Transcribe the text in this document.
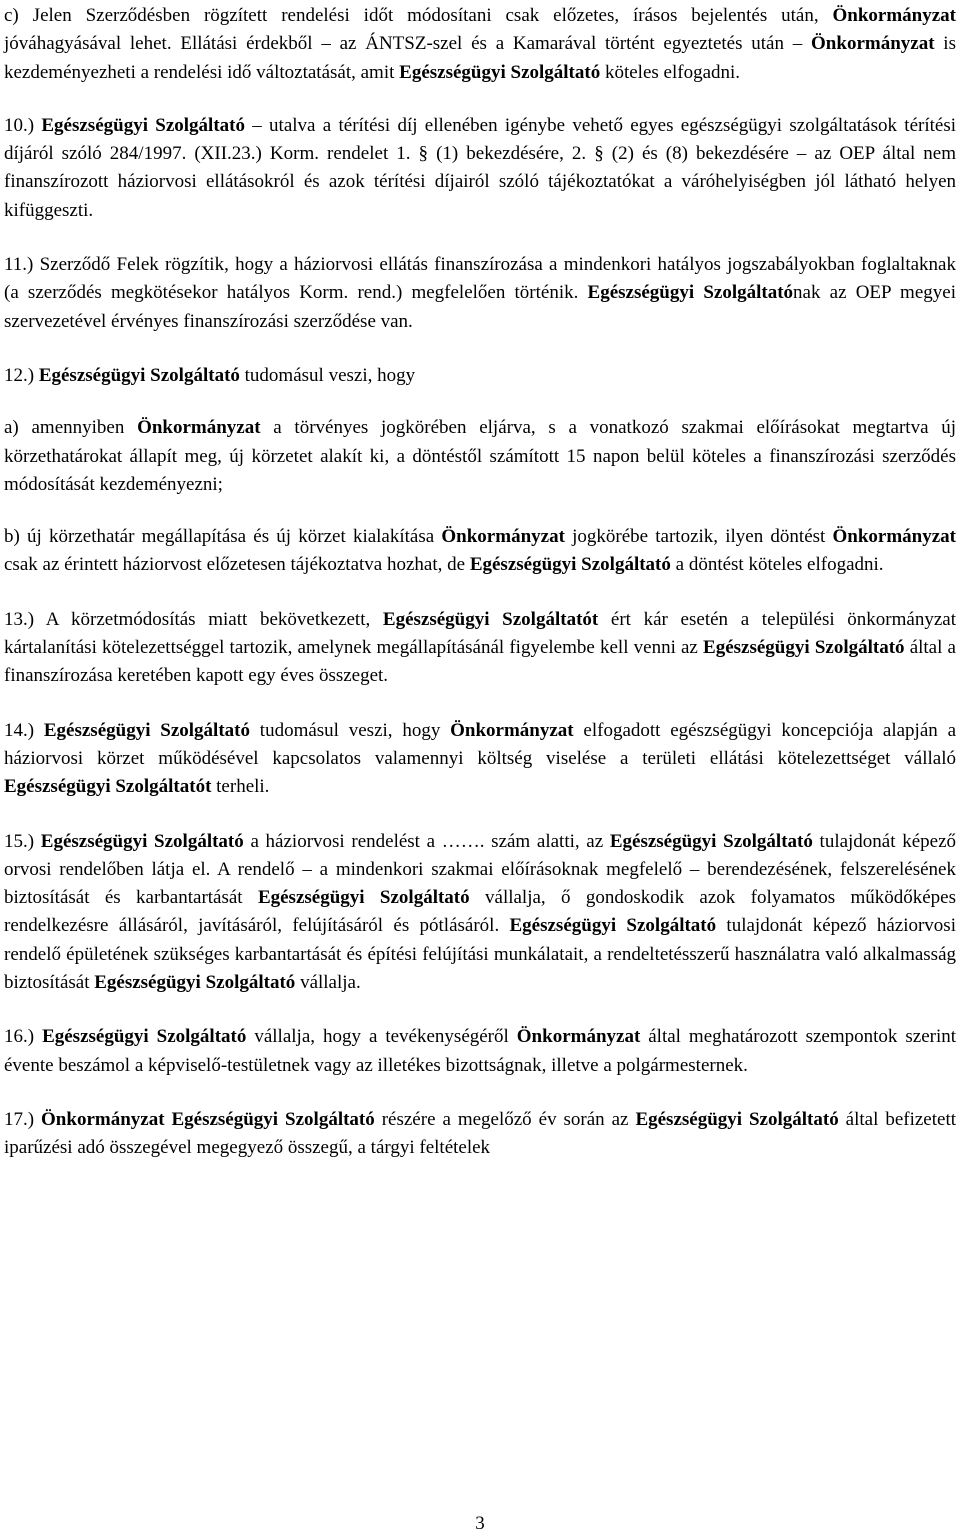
c) Jelen Szerződésben rögzített rendelési időt módosítani csak előzetes, írásos bejelentés után, Önkormányzat jóváhagyásával lehet. Ellátási érdekből – az ÁNTSZ-szel és a Kamarával történt egyeztetés után – Önkormányzat is kezdeményezheti a rendelési idő változtatását, amit Egészségügyi Szolgáltató köteles elfogadni.

10.) Egészségügyi Szolgáltató – utalva a térítési díj ellenében igénybe vehető egyes egészségügyi szolgáltatások térítési díjáról szóló 284/1997. (XII.23.) Korm. rendelet 1. § (1) bekezdésére, 2. § (2) és (8) bekezdésére – az OEP által nem finanszírozott háziorvosi ellátásokról és azok térítési díjairól szóló tájékoztatókat a váróhelyiségben jól látható helyen kifüggeszti.

11.) Szerződő Felek rögzítik, hogy a háziorvosi ellátás finanszírozása a mindenkori hatályos jogszabályokban foglaltaknak (a szerződés megkötésekor hatályos Korm. rend.) megfelelően történik. Egészségügyi Szolgáltatónak az OEP megyei szervezetével érvényes finanszírozási szerződése van.

12.) Egészségügyi Szolgáltató tudomásul veszi, hogy

a) amennyiben Önkormányzat a törvényes jogkörében eljárva, s a vonatkozó szakmai előírásokat megtartva új körzethatárokat állapít meg, új körzetet alakít ki, a döntéstől számított 15 napon belül köteles a finanszírozási szerződés módosítását kezdeményezni;

b) új körzethatár megállapítása és új körzet kialakítása Önkormányzat jogkörébe tartozik, ilyen döntést Önkormányzat csak az érintett háziorvost előzetesen tájékoztatva hozhat, de Egészségügyi Szolgáltató a döntést köteles elfogadni.

13.) A körzetmódosítás miatt bekövetkezett, Egészségügyi Szolgáltatót ért kár esetén a települési önkormányzat kártalanítási kötelezettséggel tartozik, amelynek megállapításánál figyelembe kell venni az Egészségügyi Szolgáltató által a finanszírozása keretében kapott egy éves összeget.

14.) Egészségügyi Szolgáltató tudomásul veszi, hogy Önkormányzat elfogadott egészségügyi koncepciója alapján a háziorvosi körzet működésével kapcsolatos valamennyi költség viselése a területi ellátási kötelezettséget vállaló Egészségügyi Szolgáltatót terheli.

15.) Egészségügyi Szolgáltató a háziorvosi rendelést a ……. szám alatti, az Egészségügyi Szolgáltató tulajdonát képező orvosi rendelőben látja el. A rendelő – a mindenkori szakmai előírásoknak megfelelő – berendezésének, felszerelésének biztosítását és karbantartását Egészségügyi Szolgáltató vállalja, ő gondoskodik azok folyamatos működőképes rendelkezésre állásáról, javításáról, felújításáról és pótlásáról. Egészségügyi Szolgáltató tulajdonát képező háziorvosi rendelő épületének szükséges karbantartását és építési felújítási munkálatait, a rendeltetésszerű használatra való alkalmasság biztosítását Egészségügyi Szolgáltató vállalja.

16.) Egészségügyi Szolgáltató vállalja, hogy a tevékenységéről Önkormányzat által meghatározott szempontok szerint évente beszámol a képviselő-testületnek vagy az illetékes bizottságnak, illetve a polgármesternek.

17.) Önkormányzat Egészségügyi Szolgáltató részére a megelőző év során az Egészségügyi Szolgáltató által befizetett iparűzési adó összegével megegyező összegű, a tárgyi feltételek

3
